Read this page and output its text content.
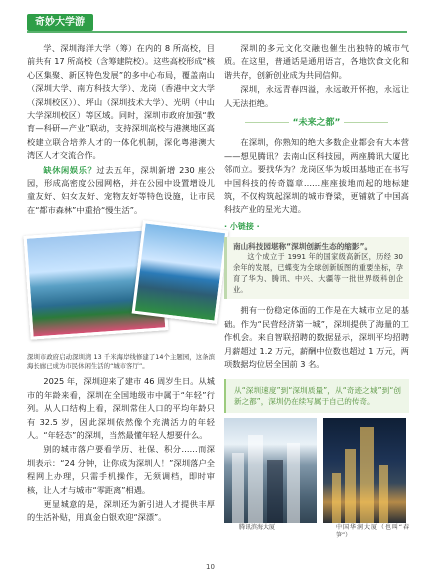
奇妙大学游

学、深圳海洋大学（筹）在内的 8 所高校，目前共有 17 所高校（含筹建院校）。这些高校形成“核心区集聚、新区特色发展”的多中心布局，覆盖南山（深圳大学、南方科技大学）、龙岗（香港中文大学（深圳校区））、坪山（深圳技术大学）、光明（中山大学深圳校区）等区域。同时，深圳市政府加强“教育—科研—产业”联动，支持深圳高校与港澳地区高校建立联合培养人才的一体化机制，深化粤港澳大湾区人才交流合作。

缺休闲娱乐？过去五年，深圳新增 230 座公园，形成高密度公园网格，并在公园中设置增设儿童友好、妇女友好、宠物友好等特色设施，让市民在“都市森林”中重拾“慢生活”。

深圳市政府启动深圳湾 13 千米海岸线修建了14个主题园，这条滨海长廊已成为市民休闲生活的“城市客厅”。

2025 年，深圳迎来了建市 46 周岁生日。从城市的年龄来看，深圳在全国地级市中属于“年轻”行列。从人口结构上看，深圳常住人口的平均年龄只有 32.5 岁，因此深圳依然像个充满活力的年轻人。“年轻态”的深圳，当然最懂年轻人想要什么。

别的城市落户要看学历、社保、积分……而深圳表示：“24 分钟，让你成为深圳人！”深圳落户全程网上办理，只需手机操作，无须调档，即时审核，让人才与城市“零距离”相遇。

更显城意的是，深圳还为新引进人才提供丰厚的生活补贴，用真金白银欢迎“深漂”。

深圳的多元文化交融也催生出独特的城市气质。在这里，普通话是通用语言，各地饮食文化和谐共存，创新创业成为共同信仰。

深圳，永远青春四溢，永远敢开怀抱，永远让人无法拒绝。

“未来之都”

在深圳，你熟知的绝大多数企业都会有大本营——想见腾讯？去南山区科技园，两座腾讯大厦比邻而立。要找华为？龙岗区华为坂田基地正在书写中国科技的传奇篇章……座座拔地而起的地标建筑，不仅构筑起深圳的城市脊梁，更铺就了中国高科技产业的星光大道。

· 小链接 ·
南山科技园堪称“深圳创新生态的缩影”。
这个成立于 1991 年的国家级高新区，历经 30 余年的发展，已蝶变为全球创新版图的重要坐标，孕育了华为、腾讯、中兴、大疆等一批世界级科创企业。

拥有一份稳定体面的工作是在大城市立足的基础。作为“民营经济第一城”，深圳提供了海量的工作机会。来自智联招聘的数据显示，深圳平均招聘月薪超过 1.2 万元，薪酬中位数也超过 1 万元，两项数据均位居全国前 3 名。

从“深圳速度”到“深圳质量”，从“奇迹之城”到“创新之都”，深圳仍在续写属于自己的传奇。
腾讯滨海大厦	中国华润大厦（也叫“春笋”）
10
